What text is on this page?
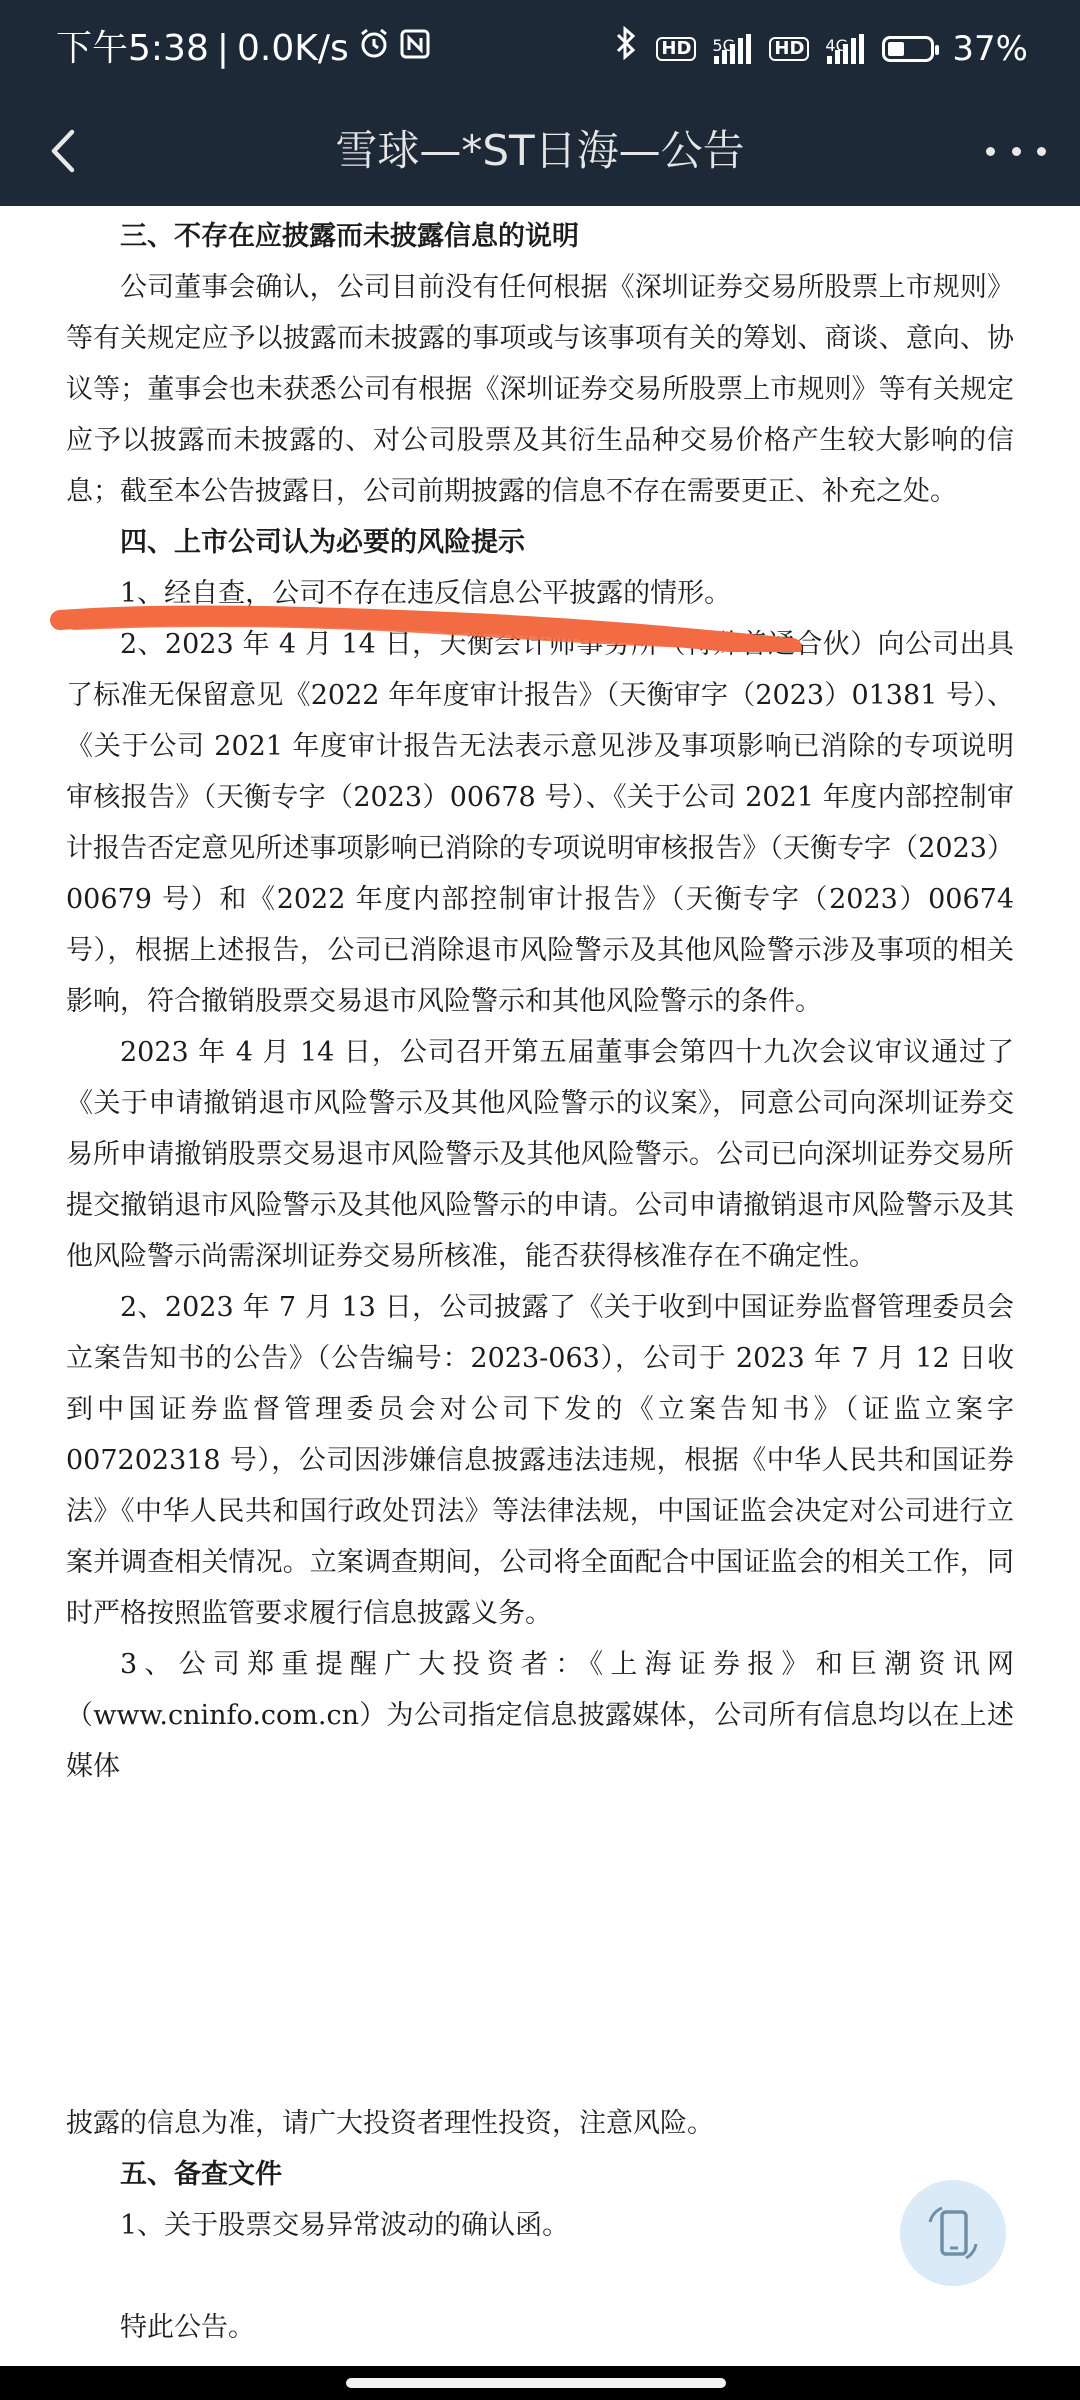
下午5:38 | 0.0K/s	HD	5G HD	4G	37%
雪球—*ST日海—公告
三、不存在应披露而未披露信息的说明
公司董事会确认，公司目前没有任何根据《深圳证券交易所股票上市规则》等有关规定应予以披露而未披露的事项或与该事项有关的筹划、商谈、意向、协议等；董事会也未获悉公司有根据《深圳证券交易所股票上市规则》等有关规定应予以披露而未披露的、对公司股票及其衍生品种交易价格产生较大影响的信息；截至本公告披露日，公司前期披露的信息不存在需要更正、补充之处。
四、上市公司认为必要的风险提示
1、经自查，公司不存在违反信息公平披露的情形。
2、2023 年 4 月 14 日，天衡会计师事务所（特殊普通合伙）向公司出具了标准无保留意见《2022 年年度审计报告》（天衡审字（2023）01381 号）、《关于公司 2021 年度审计报告无法表示意见涉及事项影响已消除的专项说明审核报告》（天衡专字（2023）00678 号）、《关于公司 2021 年度内部控制审计报告否定意见所述事项影响已消除的专项说明审核报告》（天衡专字（2023）00679 号）和《2022 年度内部控制审计报告》（天衡专字（2023）00674 号），根据上述报告，公司已消除退市风险警示及其他风险警示涉及事项的相关影响，符合撤销股票交易退市风险警示和其他风险警示的条件。
2023 年 4 月 14 日，公司召开第五届董事会第四十九次会议审议通过了《关于申请撤销退市风险警示及其他风险警示的议案》，同意公司向深圳证券交易所申请撤销股票交易退市风险警示及其他风险警示。公司已向深圳证券交易所提交撤销退市风险警示及其他风险警示的申请。公司申请撤销退市风险警示及其他风险警示尚需深圳证券交易所核准，能否获得核准存在不确定性。
2、2023 年 7 月 13 日，公司披露了《关于收到中国证券监督管理委员会立案告知书的公告》（公告编号：2023-063），公司于 2023 年 7 月 12 日收到中国证券监督管理委员会对公司下发的《立案告知书》（证监立案字 007202318 号），公司因涉嫌信息披露违法违规，根据《中华人民共和国证券法》《中华人民共和国行政处罚法》等法律法规，中国证监会决定对公司进行立案并调查相关情况。立案调查期间，公司将全面配合中国证监会的相关工作，同时严格按照监管要求履行信息披露义务。
3、公司郑重提醒广大投资者：《上海证券报》和巨潮资讯网（www.cninfo.com.cn）为公司指定信息披露媒体，公司所有信息均以在上述媒体
披露的信息为准，请广大投资者理性投资，注意风险。
五、备查文件
1、关于股票交易异常波动的确认函。
特此公告。
